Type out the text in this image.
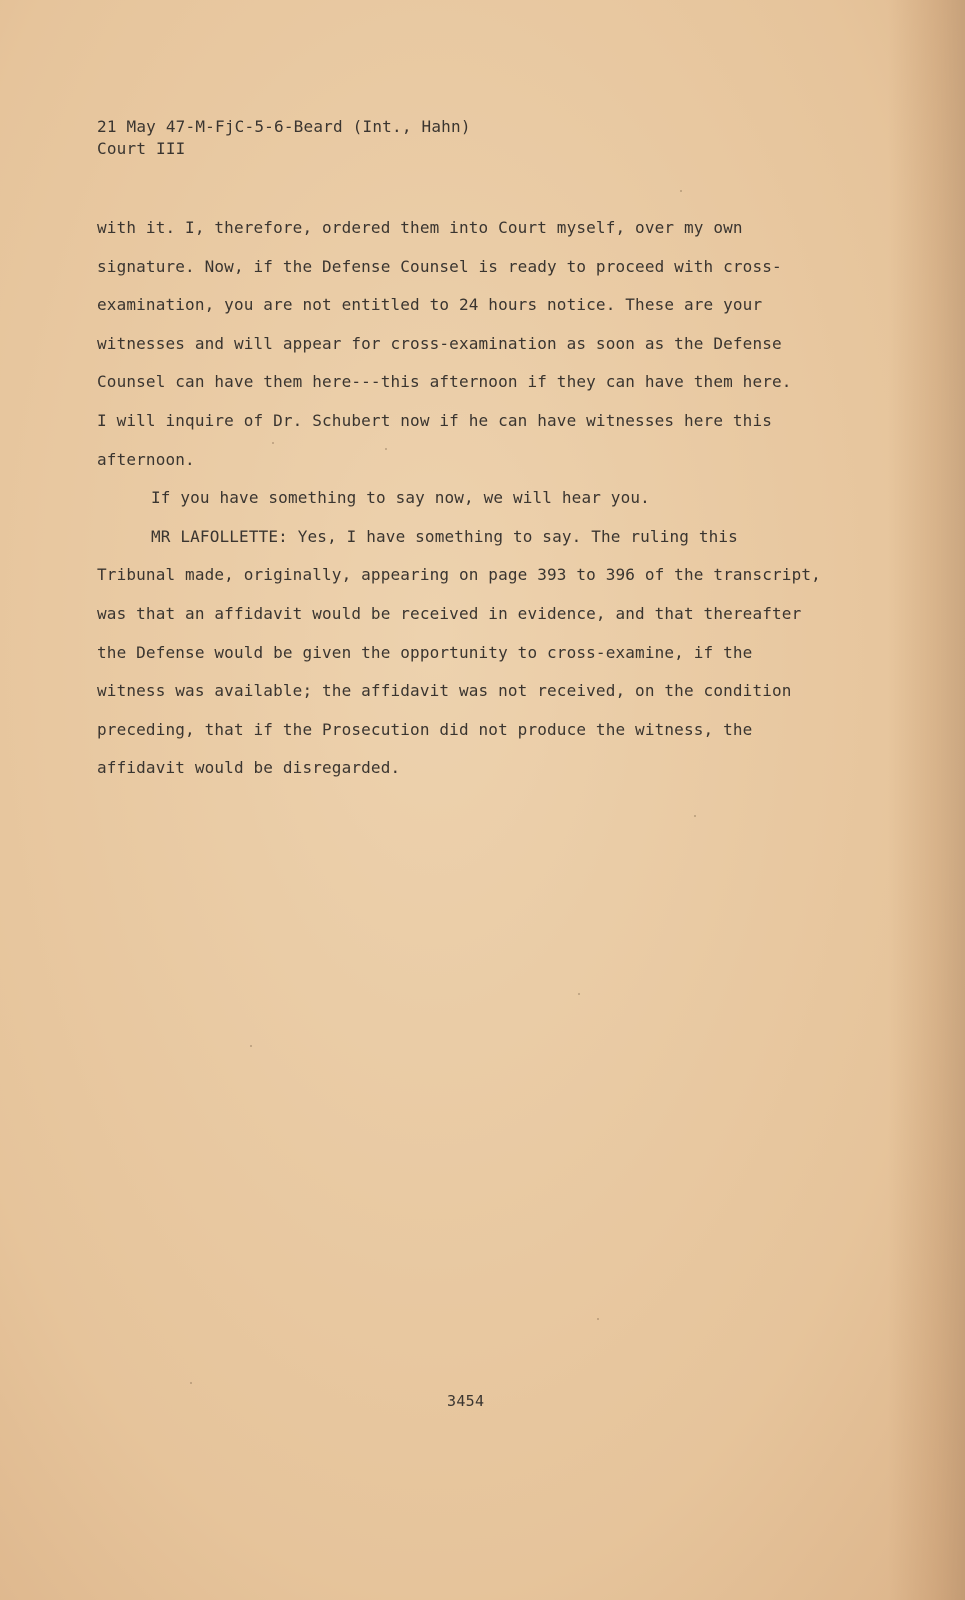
21 May 47-M-FjC-5-6-Beard (Int., Hahn)
Court III
with it. I, therefore, ordered them into Court myself, over my own
signature. Now, if the Defense Counsel is ready to proceed with cross-
examination, you are not entitled to 24 hours notice. These are your
witnesses and will appear for cross-examination as soon as the Defense
Counsel can have them here---this afternoon if they can have them here.
I will inquire of Dr. Schubert now if he can have witnesses here this
afternoon.
If you have something to say now, we will hear you.
MR LAFOLLETTE: Yes, I have something to say. The ruling this
Tribunal made, originally, appearing on page 393 to 396 of the transcript,
was that an affidavit would be received in evidence, and that thereafter
the Defense would be given the opportunity to cross-examine, if the
witness was available; the affidavit was not received, on the condition
preceding, that if the Prosecution did not produce the witness, the
affidavit would be disregarded.
3454
